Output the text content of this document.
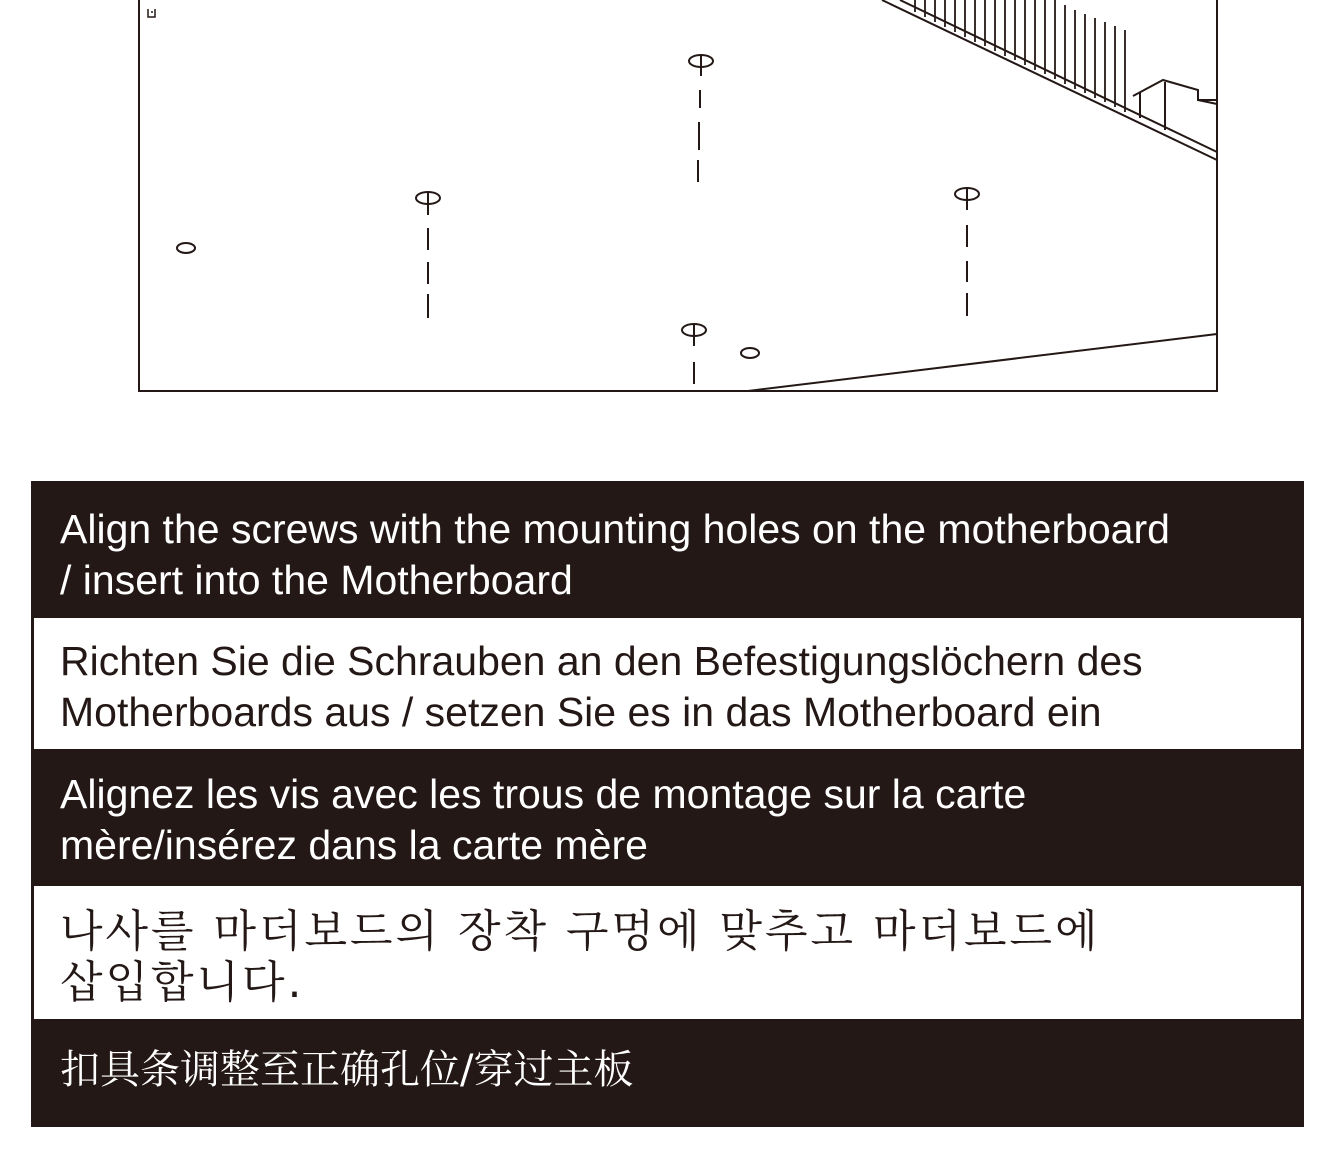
Align the screws with the mounting holes on the motherboard
/ insert into the Motherboard
Richten Sie die Schrauben an den Befestigungslöchern des
Motherboards aus / setzen Sie es in das Motherboard ein
Alignez les vis avec les trous de montage sur la carte
mère/insérez dans la carte mère
나사를 마더보드의 장착 구멍에 맞추고 마더보드에
삽입합니다.
扣具条调整至正确孔位/穿过主板
